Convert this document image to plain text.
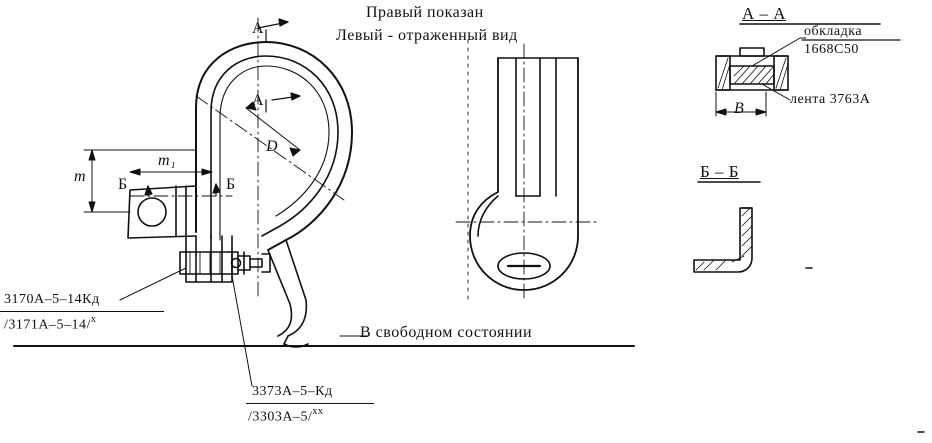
Правый показан
Левый - отраженный вид
А – А
Б – Б
А
А
Б	Б
D
m
m₁
B
обкладка
1668С50
лента 3763А
В свободном состоянии
3170А–5–14Кд
/3171А–5–14/$^х$
3373А–5–Кд
/3303А–5/$^{хх}$
